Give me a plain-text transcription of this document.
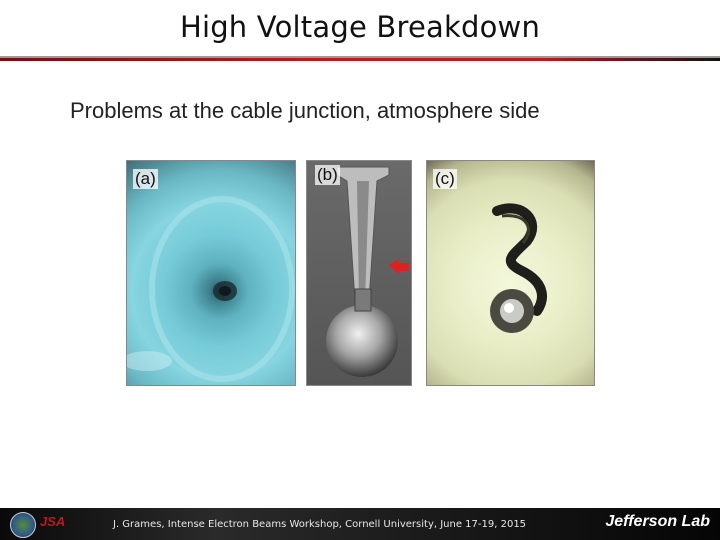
High Voltage Breakdown
Problems at the cable junction, atmosphere side
(a)	(b)	(c)
JSA	J. Grames, Intense Electron Beams Workshop, Cornell University, June 17-19, 2015	Jefferson Lab
